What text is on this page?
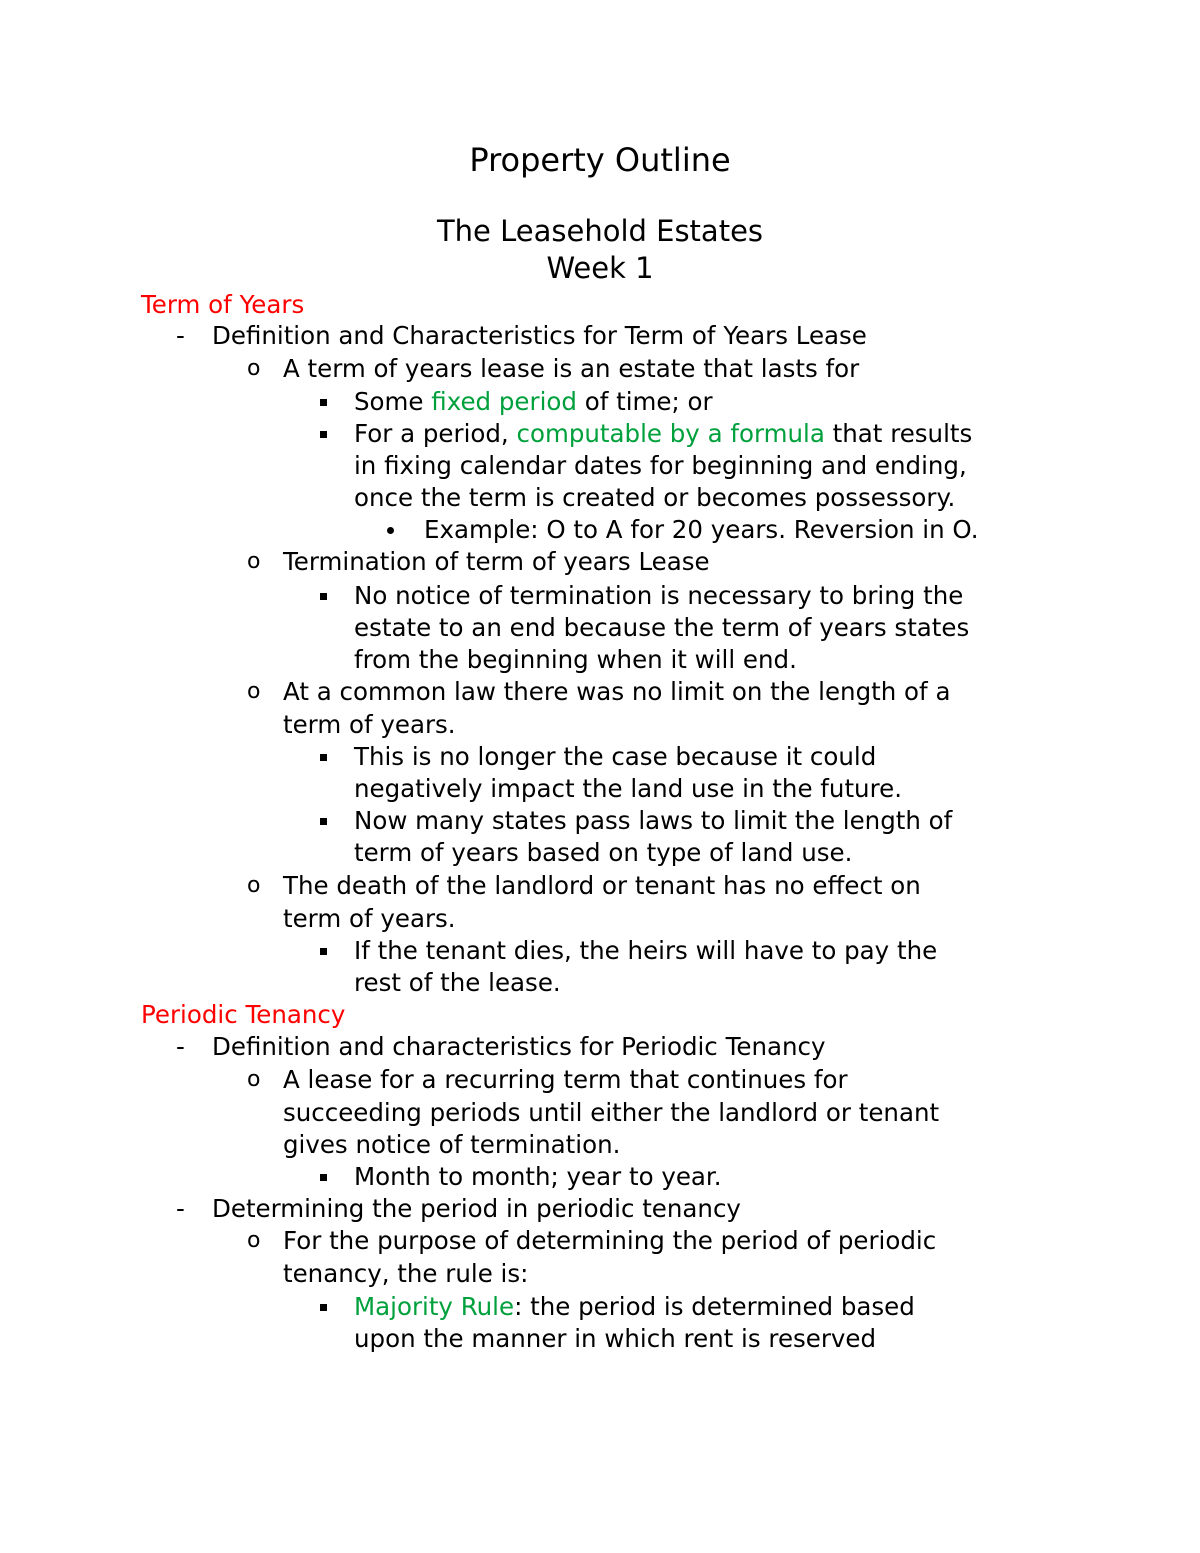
Property Outline
The Leasehold Estates
Week 1
Term of Years
- Definition and Characteristics for Term of Years Lease
o A term of years lease is an estate that lasts for
Some fixed period of time; or
For a period, computable by a formula that results
in fixing calendar dates for beginning and ending,
once the term is created or becomes possessory.
Example: O to A for 20 years. Reversion in O.
o Termination of term of years Lease
No notice of termination is necessary to bring the
estate to an end because the term of years states
from the beginning when it will end.
o At a common law there was no limit on the length of a
term of years.
This is no longer the case because it could
negatively impact the land use in the future.
Now many states pass laws to limit the length of
term of years based on type of land use.
o The death of the landlord or tenant has no effect on
term of years.
If the tenant dies, the heirs will have to pay the
rest of the lease.
Periodic Tenancy
- Definition and characteristics for Periodic Tenancy
o A lease for a recurring term that continues for
succeeding periods until either the landlord or tenant
gives notice of termination.
Month to month; year to year.
- Determining the period in periodic tenancy
o For the purpose of determining the period of periodic
tenancy, the rule is:
Majority Rule: the period is determined based
upon the manner in which rent is reserved
